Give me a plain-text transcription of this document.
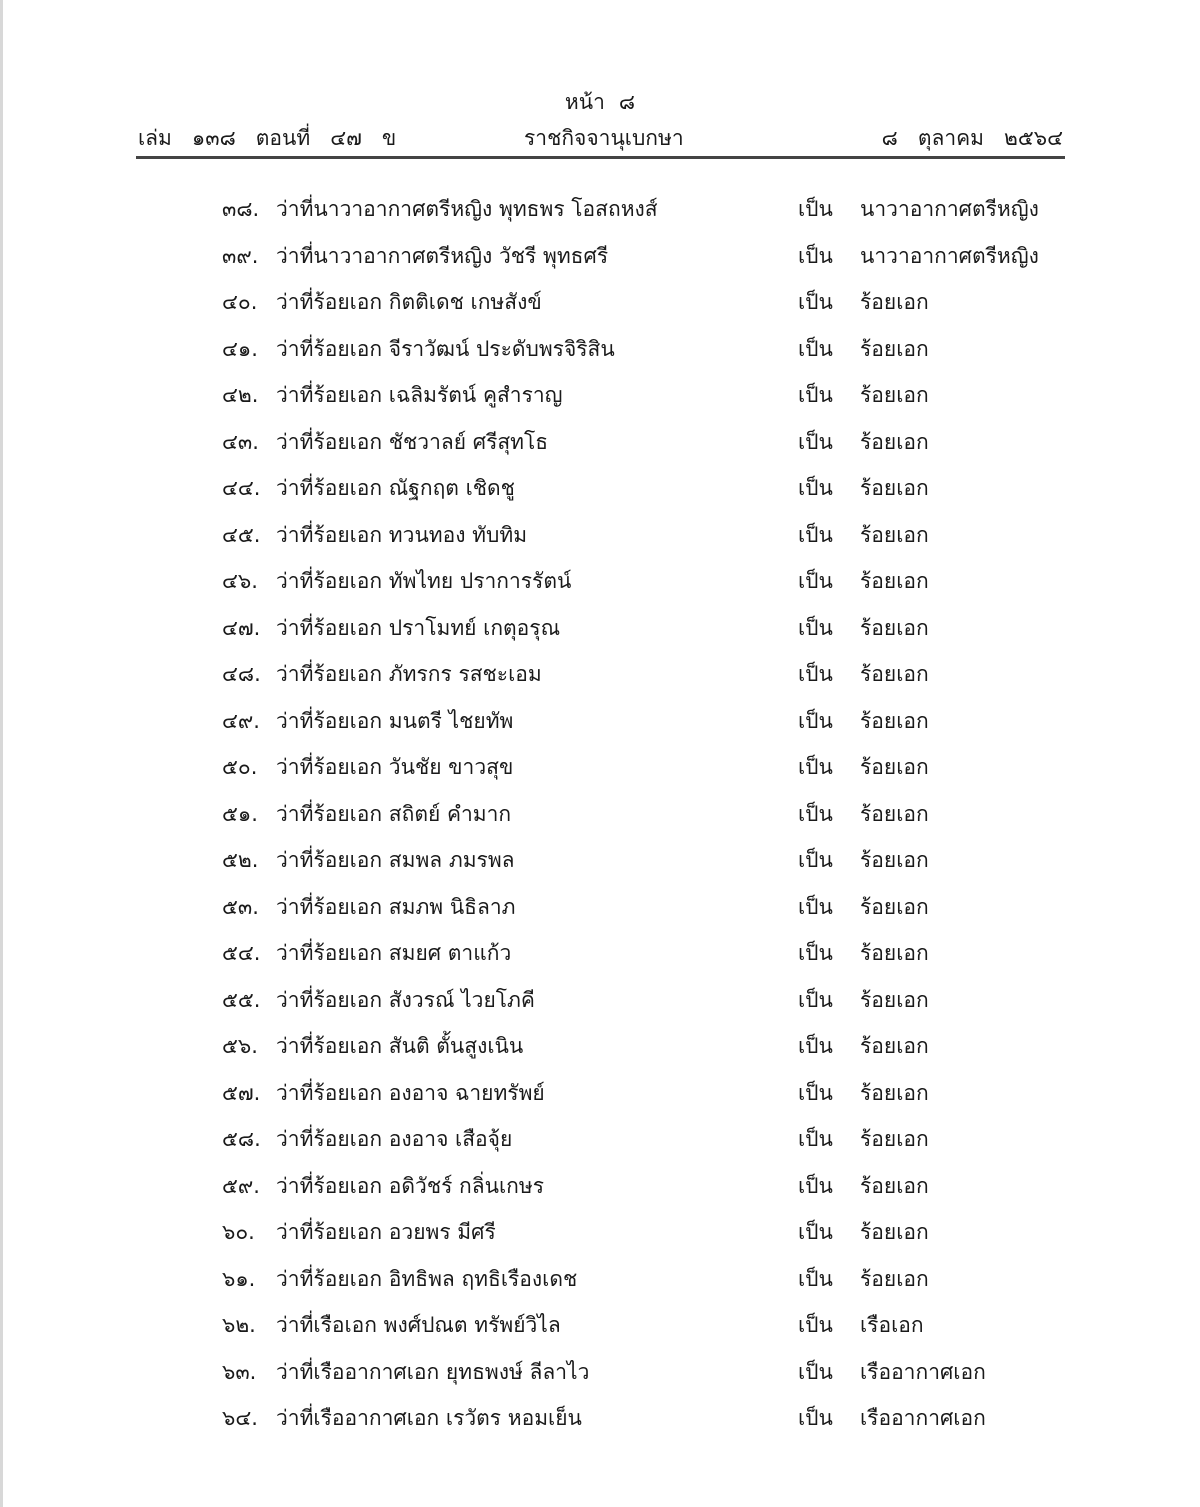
หน้า ๘
เล่ม ๑๓๘ ตอนที่ ๔๗ ข	ราชกิจจานุเบกษา	๘ ตุลาคม ๒๕๖๔
๓๘. ว่าที่นาวาอากาศตรีหญิง พุทธพร โอสถหงส์	เป็น นาวาอากาศตรีหญิง
๓๙. ว่าที่นาวาอากาศตรีหญิง วัชรี พุทธศรี	เป็น นาวาอากาศตรีหญิง
๔๐. ว่าที่ร้อยเอก กิตติเดช เกษสังข์	เป็น ร้อยเอก
๔๑. ว่าที่ร้อยเอก จีราวัฒน์ ประดับพรจิริสิน	เป็น ร้อยเอก
๔๒. ว่าที่ร้อยเอก เฉลิมรัตน์ คูสำราญ	เป็น ร้อยเอก
๔๓. ว่าที่ร้อยเอก ชัชวาลย์ ศรีสุทโธ	เป็น ร้อยเอก
๔๔. ว่าที่ร้อยเอก ณัฐกฤต เชิดชู	เป็น ร้อยเอก
๔๕. ว่าที่ร้อยเอก ทวนทอง ทับทิม	เป็น ร้อยเอก
๔๖. ว่าที่ร้อยเอก ทัพไทย ปราการรัตน์	เป็น ร้อยเอก
๔๗. ว่าที่ร้อยเอก ปราโมทย์ เกตุอรุณ	เป็น ร้อยเอก
๔๘. ว่าที่ร้อยเอก ภัทรกร รสชะเอม	เป็น ร้อยเอก
๔๙. ว่าที่ร้อยเอก มนตรี ไชยทัพ	เป็น ร้อยเอก
๕๐. ว่าที่ร้อยเอก วันชัย ขาวสุข	เป็น ร้อยเอก
๕๑. ว่าที่ร้อยเอก สถิตย์ คำมาก	เป็น ร้อยเอก
๕๒. ว่าที่ร้อยเอก สมพล ภมรพล	เป็น ร้อยเอก
๕๓. ว่าที่ร้อยเอก สมภพ นิธิลาภ	เป็น ร้อยเอก
๕๔. ว่าที่ร้อยเอก สมยศ ตาแก้ว	เป็น ร้อยเอก
๕๕. ว่าที่ร้อยเอก สังวรณ์ ไวยโภคี	เป็น ร้อยเอก
๕๖. ว่าที่ร้อยเอก สันติ ตั้นสูงเนิน	เป็น ร้อยเอก
๕๗. ว่าที่ร้อยเอก องอาจ ฉายทรัพย์	เป็น ร้อยเอก
๕๘. ว่าที่ร้อยเอก องอาจ เสือจุ้ย	เป็น ร้อยเอก
๕๙. ว่าที่ร้อยเอก อดิวัชร์ กลิ่นเกษร	เป็น ร้อยเอก
๖๐. ว่าที่ร้อยเอก อวยพร มีศรี	เป็น ร้อยเอก
๖๑. ว่าที่ร้อยเอก อิทธิพล ฤทธิเรืองเดช	เป็น ร้อยเอก
๖๒. ว่าที่เรือเอก พงศ์ปณต ทรัพย์วิไล	เป็น เรือเอก
๖๓. ว่าที่เรืออากาศเอก ยุทธพงษ์ ลีลาไว	เป็น เรืออากาศเอก
๖๔. ว่าที่เรืออากาศเอก เรวัตร หอมเย็น	เป็น เรืออากาศเอก
